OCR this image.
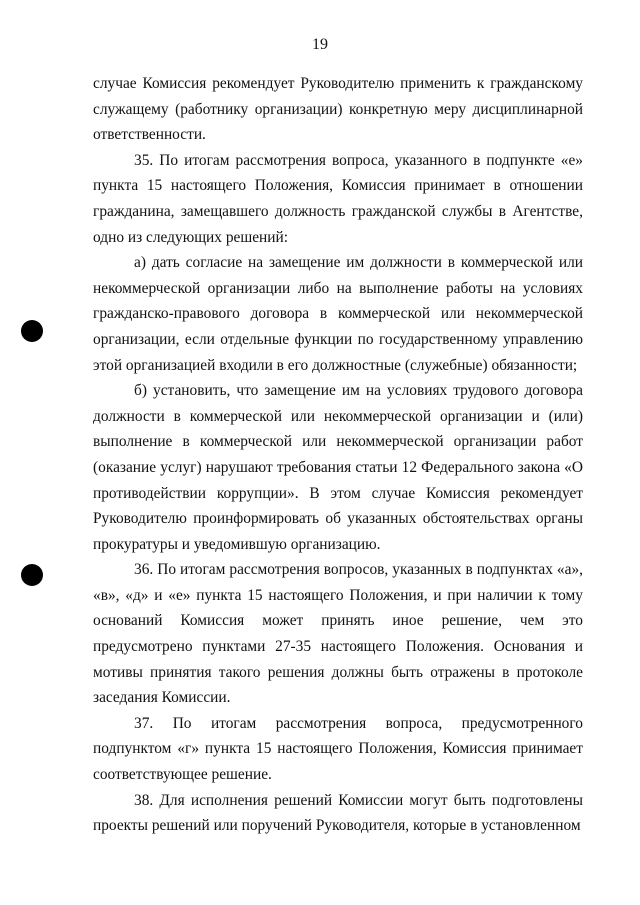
19

случае Комиссия рекомендует Руководителю применить к гражданскому служащему (работнику организации) конкретную меру дисциплинарной ответственности.

35. По итогам рассмотрения вопроса, указанного в подпункте «е» пункта 15 настоящего Положения, Комиссия принимает в отношении гражданина, замещавшего должность гражданской службы в Агентстве, одно из следующих решений:

а) дать согласие на замещение им должности в коммерческой или некоммерческой организации либо на выполнение работы на условиях гражданско-правового договора в коммерческой или некоммерческой организации, если отдельные функции по государственному управлению этой организацией входили в его должностные (служебные) обязанности;

б) установить, что замещение им на условиях трудового договора должности в коммерческой или некоммерческой организации и (или) выполнение в коммерческой или некоммерческой организации работ (оказание услуг) нарушают требования статьи 12 Федерального закона «О противодействии коррупции». В этом случае Комиссия рекомендует Руководителю проинформировать об указанных обстоятельствах органы прокуратуры и уведомившую организацию.

36. По итогам рассмотрения вопросов, указанных в подпунктах «а», «в», «д» и «е» пункта 15 настоящего Положения, и при наличии к тому оснований Комиссия может принять иное решение, чем это предусмотрено пунктами 27-35 настоящего Положения. Основания и мотивы принятия такого решения должны быть отражены в протоколе заседания Комиссии.

37. По итогам рассмотрения вопроса, предусмотренного подпунктом «г» пункта 15 настоящего Положения, Комиссия принимает соответствующее решение.

38. Для исполнения решений Комиссии могут быть подготовлены проекты решений или поручений Руководителя, которые в установленном
